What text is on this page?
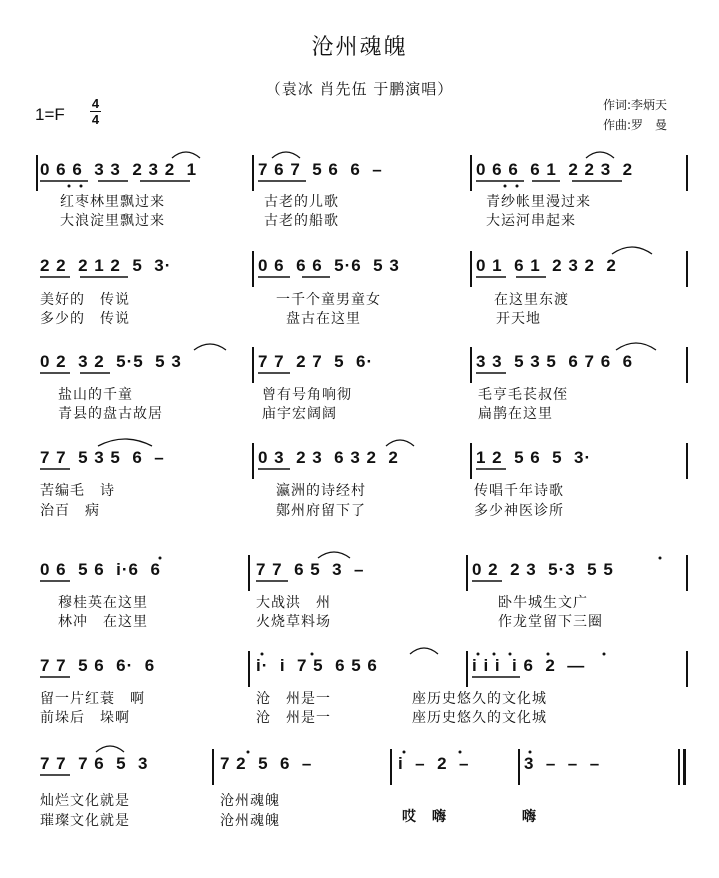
沧州魂魄
（袁冰 肖先伍 于鹏演唱）
作词:李炳天
作曲:罗　曼
1=F
4
4
0 6 6  3 3  2 3 2  1	7 6 7  5 6  6  –	0 6 6  6 1  2 2 3  2
红枣林里飘过来	古老的儿歌	青纱帐里漫过来
大浪淀里飘过来	古老的船歌	大运河串起来
2 2  2 1 2  5  3·	0 6  6 6  5·6  5 3	0 1  6 1  2 3 2  2
美好的　传说	一千个童男童女	在这里东渡
多少的　传说	盘古在这里	开天地
0 2  3 2  5·5  5 3	7 7  2 7  5  6·	3 3  5 3 5  6 7 6  6
盐山的千童	曾有号角响彻	毛亨毛苌叔侄
青县的盘古故居	庙宇宏阔阔	扁鹊在这里
7 7  5 3 5  6  –	0 3  2 3  6 3 2  2	1 2  5 6  5  3·
苦编毛　诗	瀛洲的诗经村	传唱千年诗歌
治百　病	鄚州府留下了	多少神医诊所
0 6  5 6  i·6  6	7 7  6 5  3  –	0 2  2 3  5·3  5 5
穆桂英在这里	大战洪　州	卧牛城生文广
林冲　在这里	火烧草料场	作龙堂留下三圈
7 7  5 6  6·  6	i·  i  7 5  6 5 6	i i i  i 6  2  —
留一片红蓑　啊	沧　州是一	座历史悠久的文化城
前垛后　垛啊	沧　州是一	座历史悠久的文化城
7 7  7 6  5  3	7 2  5  6  –	i  –  2  –	3  –  –  –
灿烂文化就是	沧州魂魄
璀璨文化就是	沧州魂魄	哎　嗨	嗨
